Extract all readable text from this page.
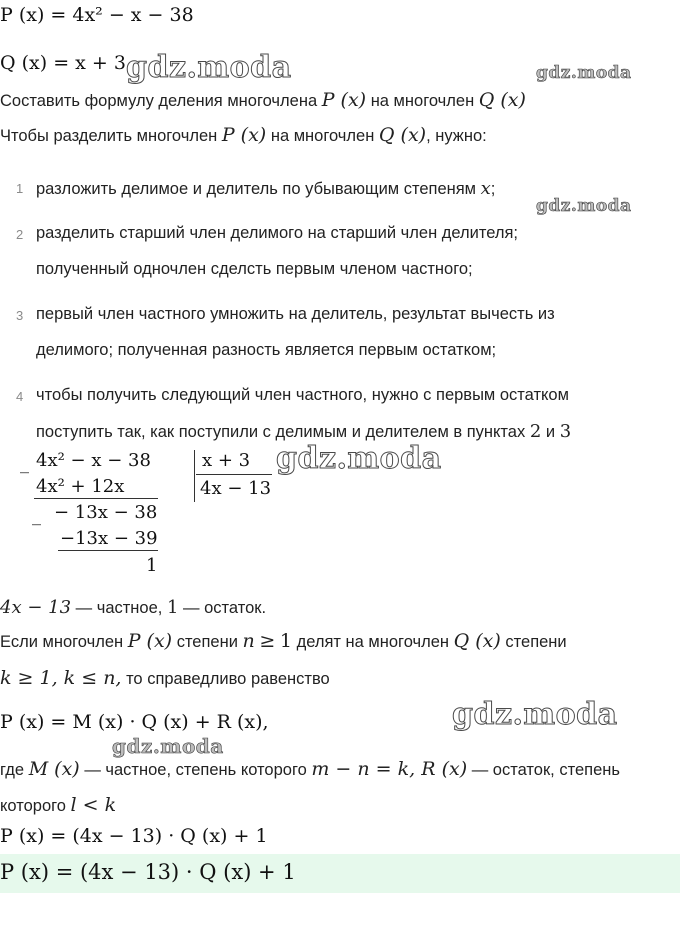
P (x) = 4x² − x − 38
Q (x) = x + 3
Составить формулу деления многочлена P (x) на многочлен Q (x)
Чтобы разделить многочлен P (x) на многочлен Q (x), нужно:
1 разложить делимое и делитель по убывающим степеням x;
2 разделить старший член делимого на старший член делителя;
полученный одночлен сделсть первым членом частного;
3 первый член частного умножить на делитель, результат вычесть из
делимого; полученная разность является первым остатком;
4 чтобы получить следующий член частного, нужно с первым остатком
поступить так, как поступили с делимым и делителем в пунктах 2 и 3
_ 4x² − x − 38
4x² + 12x
_ − 13x − 38
−13x − 39
1
x + 3
4x − 13
4x − 13 — частное, 1 — остаток.
Если многочлен P (x) степени n ≥ 1 делят на многочлен Q (x) степени
k ≥ 1, k ≤ n, то справедливо равенство
P (x) = M (x) · Q (x) + R (x),
где M (x) — частное, степень которого m − n = k, R (x) — остаток, степень
которого l < k
P (x) = (4x − 13) · Q (x) + 1
P (x) = (4x − 13) · Q (x) + 1
gdz.moda	gdz.moda
gdz.moda
gdz.moda
gdz.moda
gdz.moda
